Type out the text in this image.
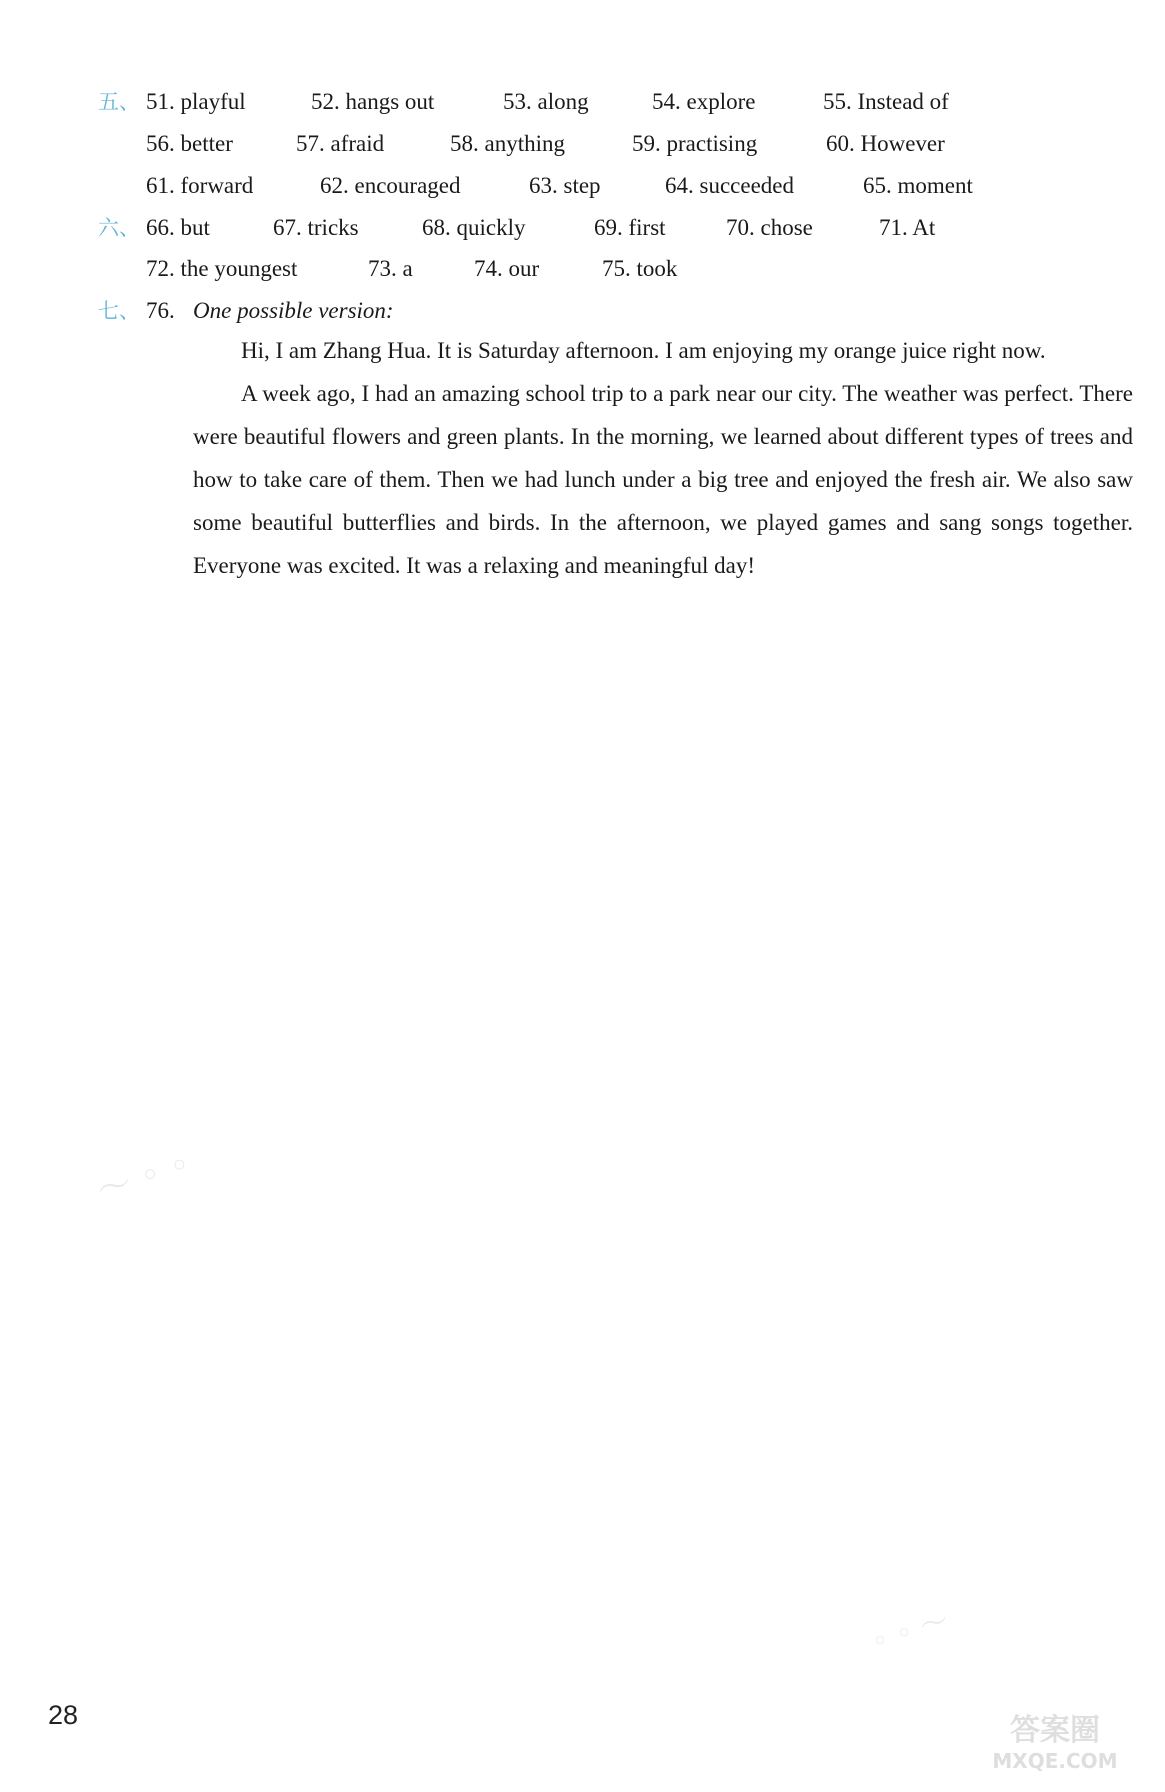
五、 51. playful	52. hangs out	53. along	54. explore	55. Instead of
56. better	57. afraid	58. anything	59. practising	60. However
61. forward	62. encouraged	63. step	64. succeeded	65. moment
六、 66. but	67. tricks	68. quickly	69. first	70. chose	71. At
72. the youngest	73. a	74. our	75. took
七、 76. One possible version:

Hi, I am Zhang Hua. It is Saturday afternoon. I am enjoying my orange juice right now.

A week ago, I had an amazing school trip to a park near our city. The weather was perfect. There were beautiful flowers and green plants. In the morning, we learned about different types of trees and how to take care of them. Then we had lunch under a big tree and enjoyed the fresh air. We also saw some beautiful butterflies and birds. In the afternoon, we played games and sang songs together. Everyone was excited. It was a relaxing and meaningful day!

〜 ◦ ◦
◦ ◦ 〜
28	答案圈
MXQE.COM
